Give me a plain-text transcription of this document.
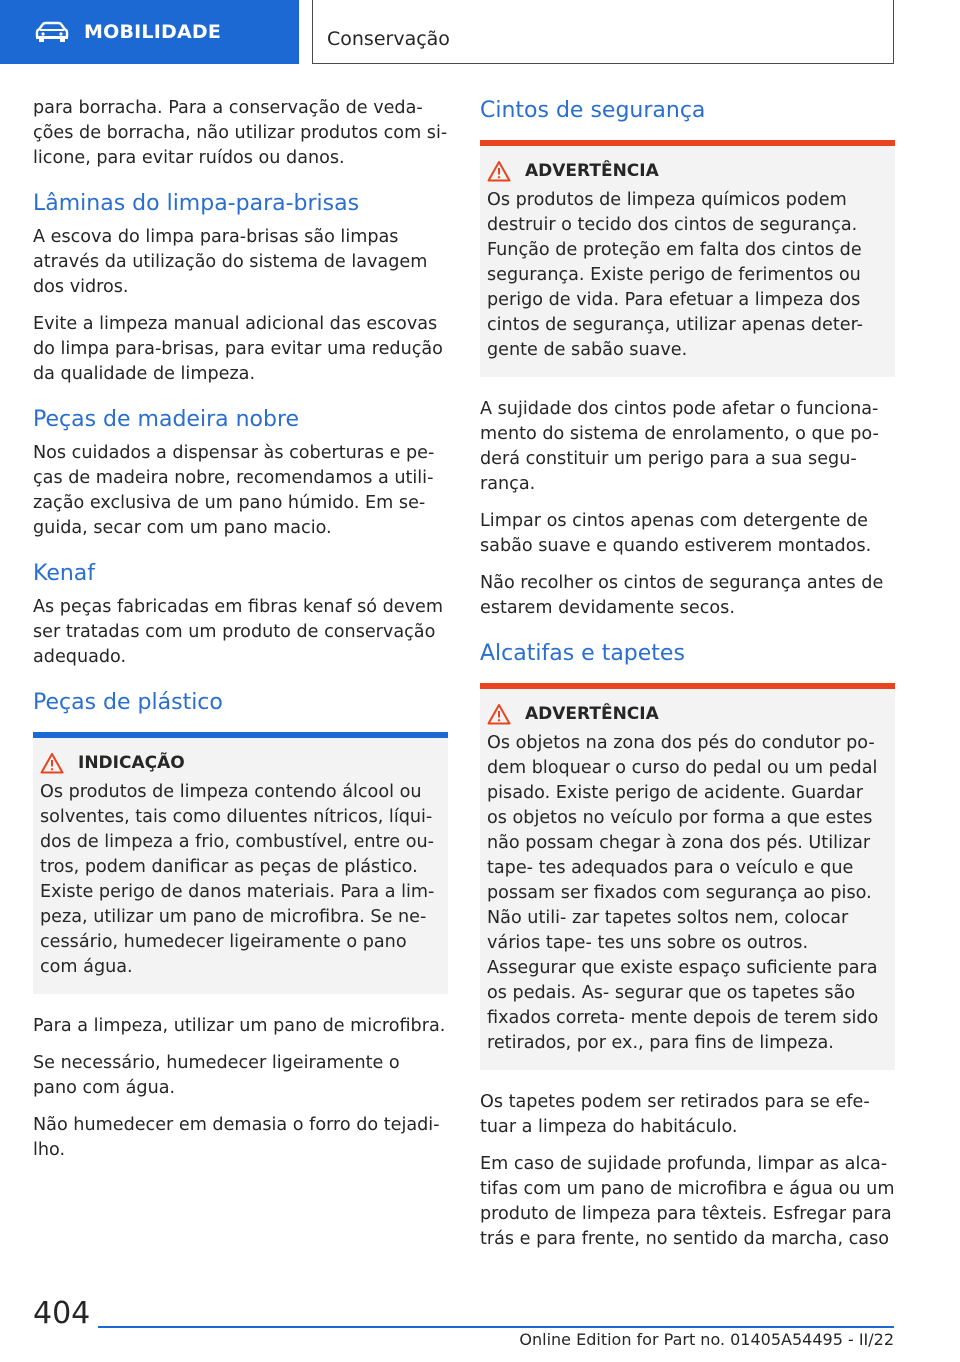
MOBILIDADE	Conservação

para borracha. Para a conservação de veda- ções de borracha, não utilizar produtos com si- licone, para evitar ruídos ou danos.

Lâminas do limpa-para-brisas

A escova do limpa para-brisas são limpas através da utilização do sistema de lavagem dos vidros.

Evite a limpeza manual adicional das escovas do limpa para-brisas, para evitar uma redução da qualidade de limpeza.

Peças de madeira nobre

Nos cuidados a dispensar às coberturas e pe- ças de madeira nobre, recomendamos a utili- zação exclusiva de um pano húmido. Em se- guida, secar com um pano macio.

Kenaf

As peças fabricadas em fibras kenaf só devem ser tratadas com um produto de conservação adequado.

Peças de plástico
INDICAÇÃO

Os produtos de limpeza contendo álcool ou solventes, tais como diluentes nítricos, líqui- dos de limpeza a frio, combustível, entre ou- tros, podem danificar as peças de plástico. Existe perigo de danos materiais. Para a lim- peza, utilizar um pano de microfibra. Se ne- cessário, humedecer ligeiramente o pano com água.

Para a limpeza, utilizar um pano de microfibra.

Se necessário, humedecer ligeiramente o pano com água.

Não humedecer em demasia o forro do tejadi- lho.

Cintos de segurança
ADVERTÊNCIA

Os produtos de limpeza químicos podem destruir o tecido dos cintos de segurança. Função de proteção em falta dos cintos de segurança. Existe perigo de ferimentos ou perigo de vida. Para efetuar a limpeza dos cintos de segurança, utilizar apenas deter- gente de sabão suave.

A sujidade dos cintos pode afetar o funciona- mento do sistema de enrolamento, o que po- derá constituir um perigo para a sua segu- rança.

Limpar os cintos apenas com detergente de sabão suave e quando estiverem montados.

Não recolher os cintos de segurança antes de estarem devidamente secos.

Alcatifas e tapetes
ADVERTÊNCIA

Os objetos na zona dos pés do condutor po- dem bloquear o curso do pedal ou um pedal pisado. Existe perigo de acidente. Guardar os objetos no veículo por forma a que estes não possam chegar à zona dos pés. Utilizar tape- tes adequados para o veículo e que possam ser fixados com segurança ao piso. Não utili- zar tapetes soltos nem, colocar vários tape- tes uns sobre os outros. Assegurar que existe espaço suficiente para os pedais. As- segurar que os tapetes são fixados correta- mente depois de terem sido retirados, por ex., para fins de limpeza.

Os tapetes podem ser retirados para se efe- tuar a limpeza do habitáculo.

Em caso de sujidade profunda, limpar as alca- tifas com um pano de microfibra e água ou um produto de limpeza para têxteis. Esfregar para trás e para frente, no sentido da marcha, caso

404
Online Edition for Part no. 01405A54495 - II/22
